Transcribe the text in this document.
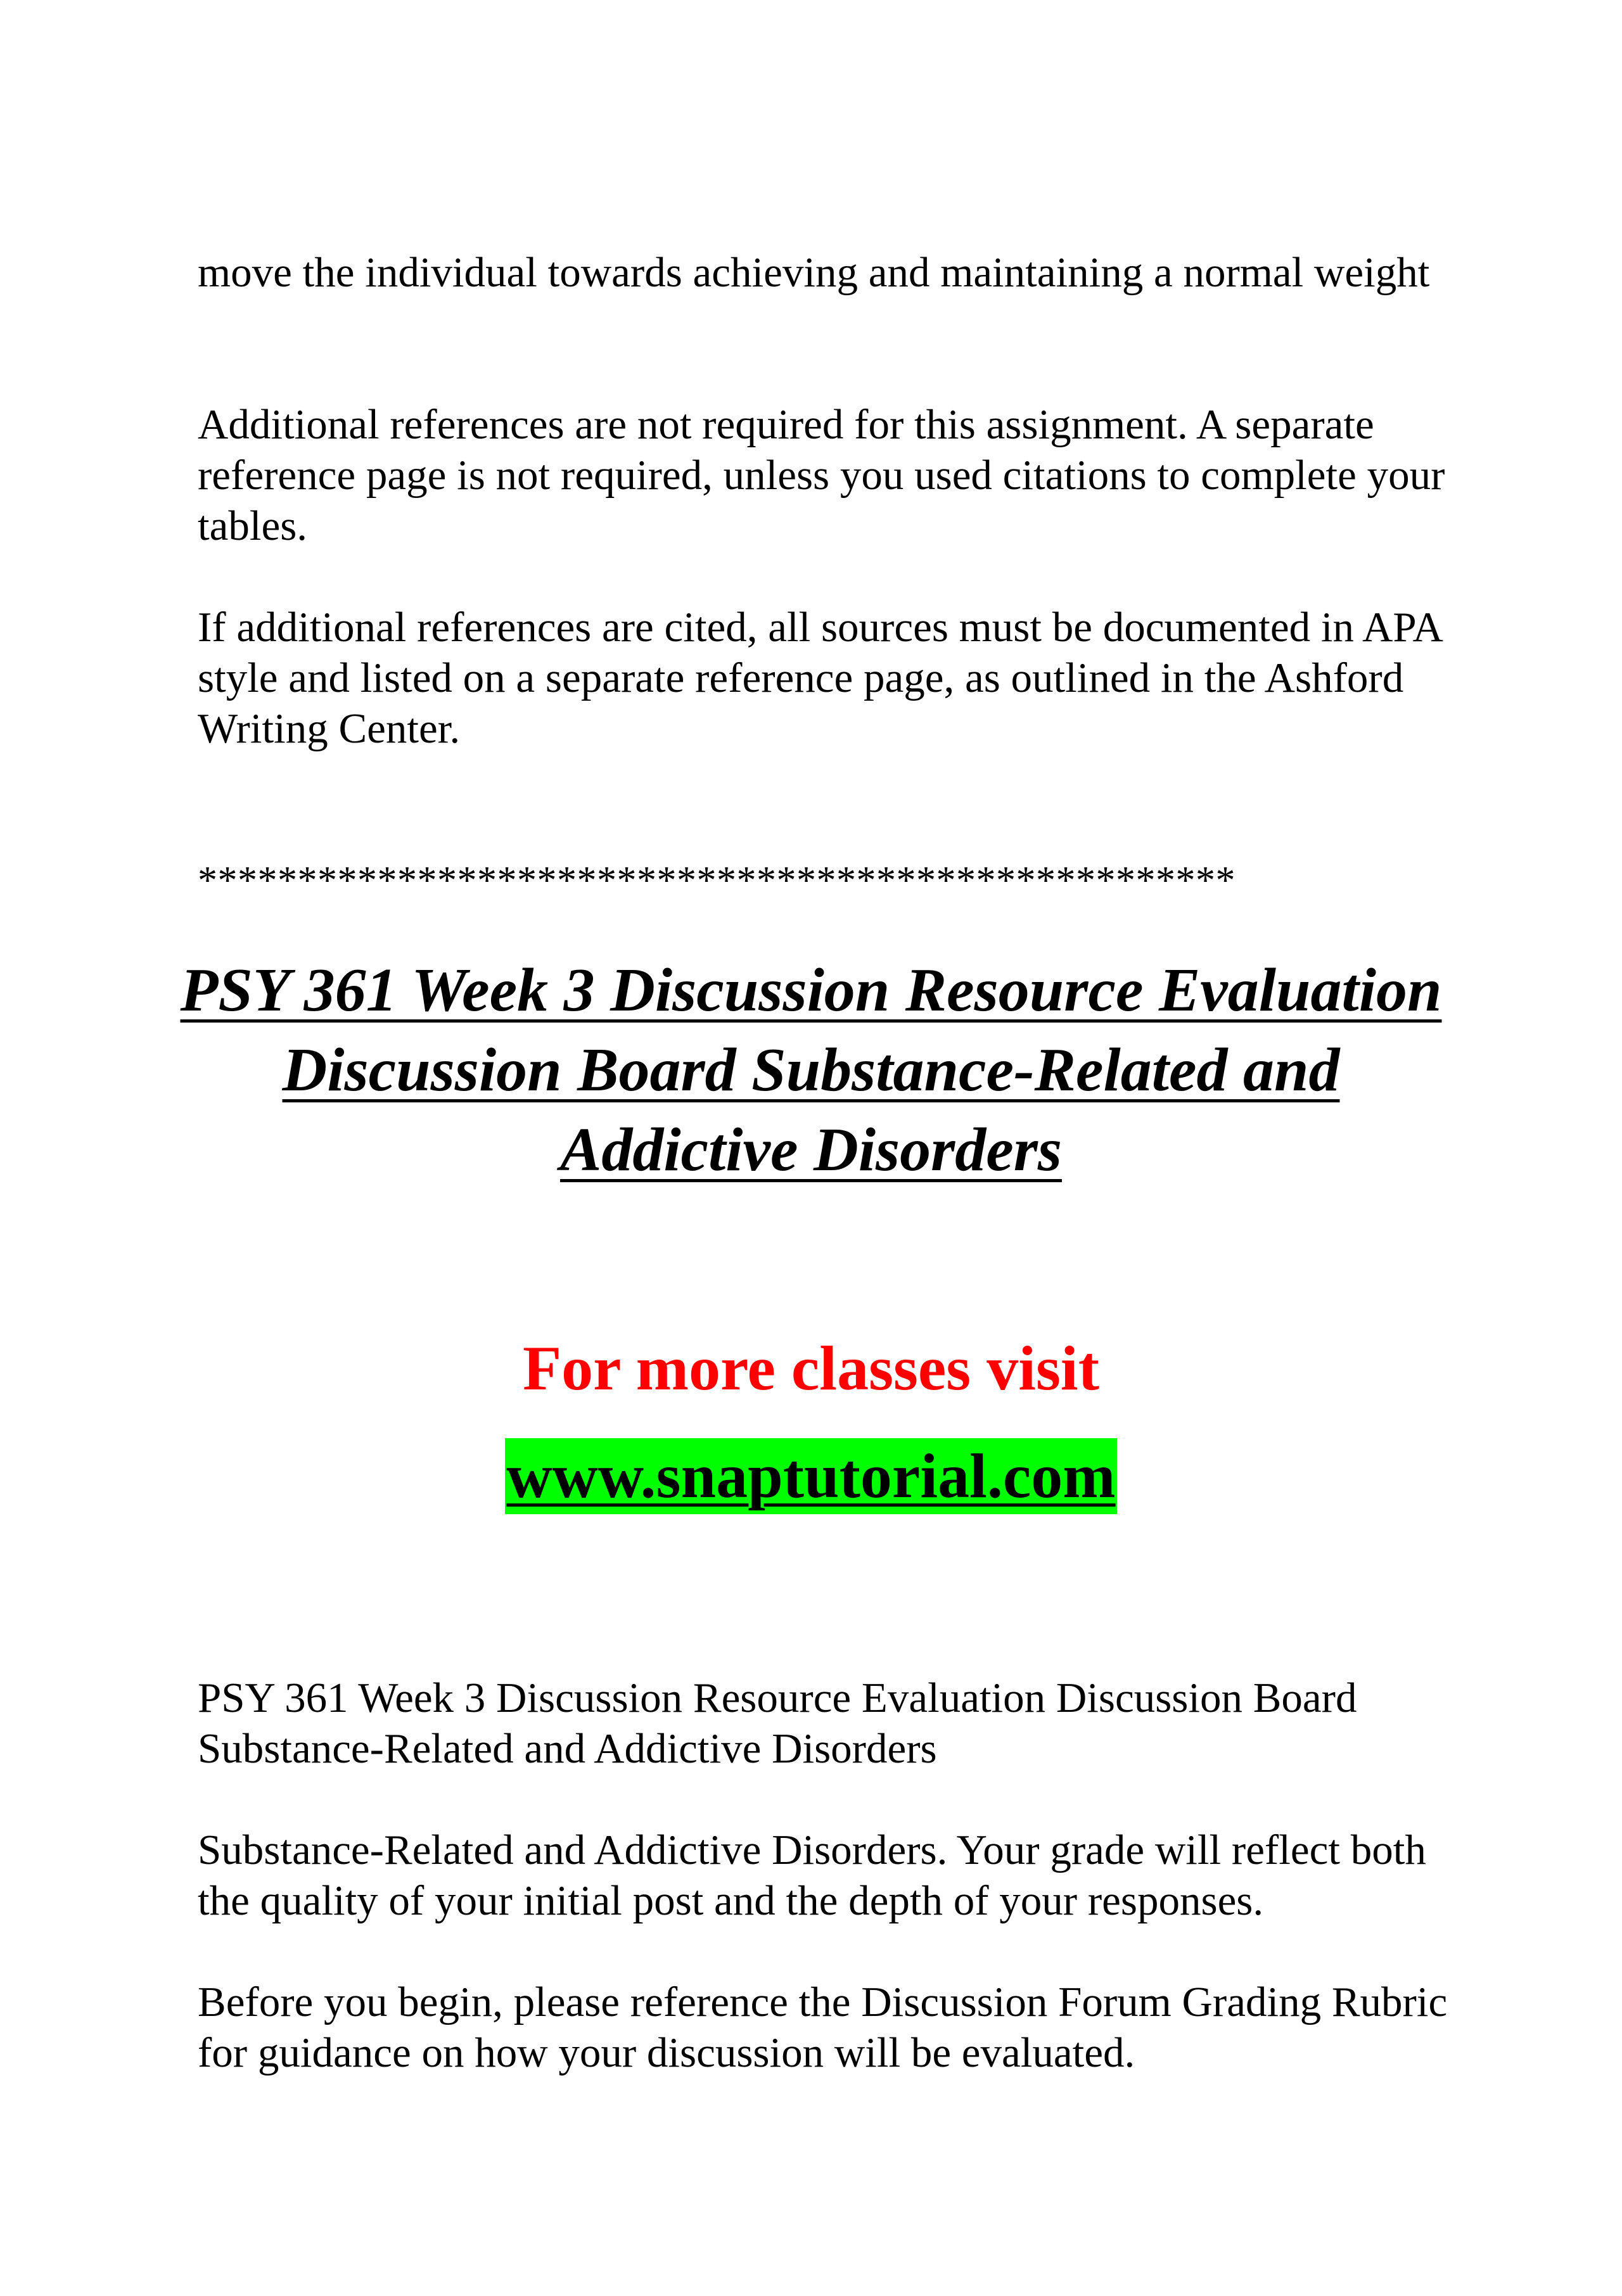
move the individual towards achieving and maintaining a normal weight

Additional references are not required for this assignment. A separate reference page is not required, unless you used citations to complete your tables.

If additional references are cited, all sources must be documented in APA style and listed on a separate reference page, as outlined in the Ashford Writing Center.

****************************************************
PSY 361 Week 3 Discussion Resource Evaluation Discussion Board Substance-Related and Addictive Disorders

For more classes visit

www.snaptutorial.com

PSY 361 Week 3 Discussion Resource Evaluation Discussion Board Substance-Related and Addictive Disorders

Substance-Related and Addictive Disorders. Your grade will reflect both the quality of your initial post and the depth of your responses.

Before you begin, please reference the Discussion Forum Grading Rubric for guidance on how your discussion will be evaluated.
